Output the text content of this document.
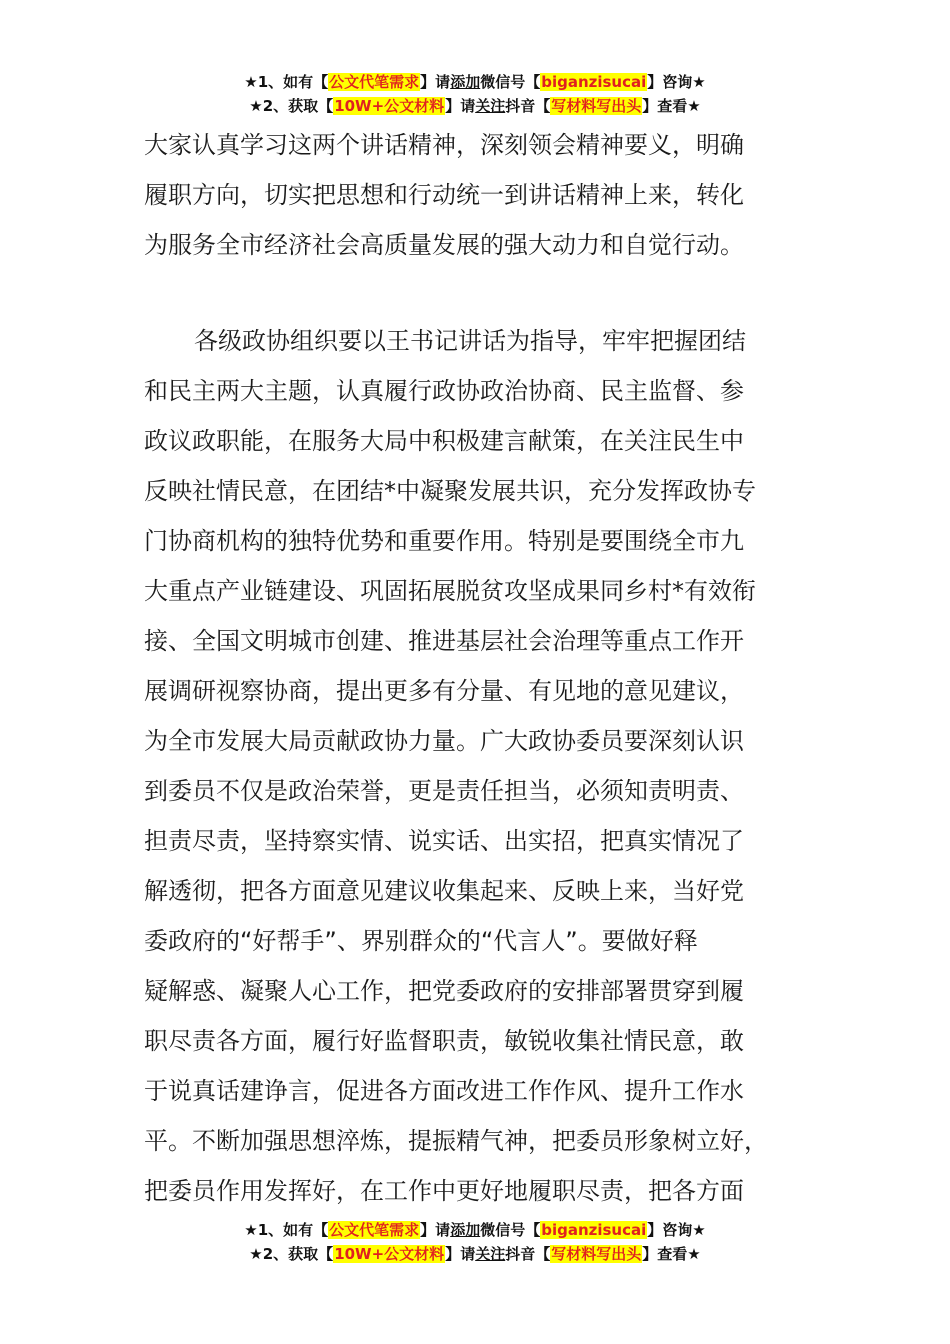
★1、如有【公文代笔需求】请添加微信号【biganzisucai】咨询★
★2、获取【10W+公文材料】请关注抖音【写材料写出头】查看★

大家认真学习这两个讲话精神，深刻领会精神要义，明确

履职方向，切实把思想和行动统一到讲话精神上来，转化

为服务全市经济社会高质量发展的强大动力和自觉行动。

各级政协组织要以王书记讲话为指导，牢牢把握团结

和民主两大主题，认真履行政协政治协商、民主监督、参

政议政职能，在服务大局中积极建言献策，在关注民生中

反映社情民意，在团结*中凝聚发展共识，充分发挥政协专

门协商机构的独特优势和重要作用。特别是要围绕全市九

大重点产业链建设、巩固拓展脱贫攻坚成果同乡村*有效衔

接、全国文明城市创建、推进基层社会治理等重点工作开

展调研视察协商，提出更多有分量、有见地的意见建议，

为全市发展大局贡献政协力量。广大政协委员要深刻认识

到委员不仅是政治荣誉，更是责任担当，必须知责明责、

担责尽责，坚持察实情、说实话、出实招，把真实情况了

解透彻，把各方面意见建议收集起来、反映上来，当好党

委政府的“好帮手”、界别群众的“代言人”。要做好释

疑解惑、凝聚人心工作，把党委政府的安排部署贯穿到履

职尽责各方面，履行好监督职责，敏锐收集社情民意，敢

于说真话建诤言，促进各方面改进工作作风、提升工作水

平。不断加强思想淬炼，提振精气神，把委员形象树立好，

把委员作用发挥好，在工作中更好地履职尽责，把各方面

★1、如有【公文代笔需求】请添加微信号【biganzisucai】咨询★
★2、获取【10W+公文材料】请关注抖音【写材料写出头】查看★
